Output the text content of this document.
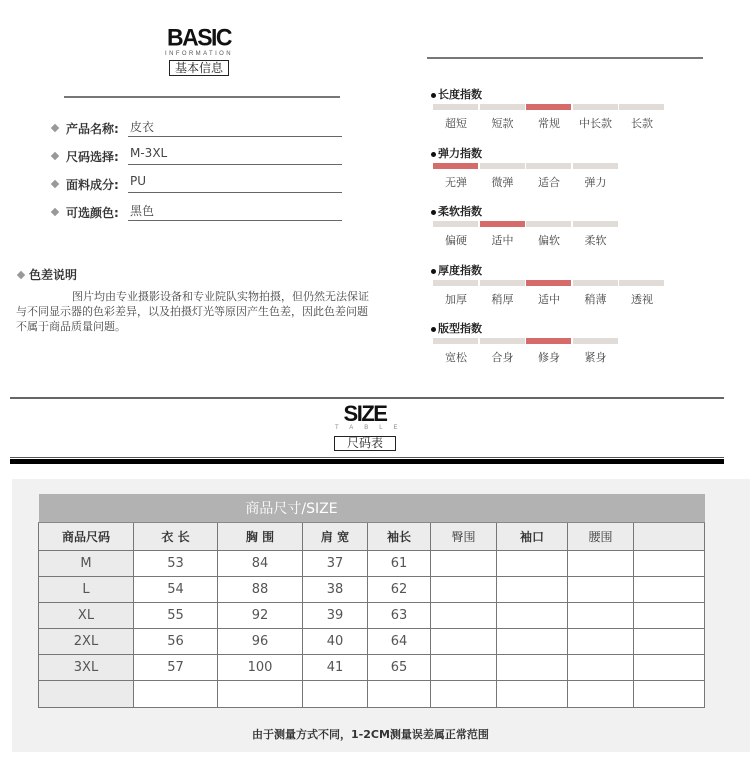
BASIC
INFORMATION
基本信息
产品名称: 皮衣
尺码选择: M-3XL
面料成分: PU
可选颜色: 黑色
色差说明
图片均由专业摄影设备和专业院队实物拍摄，但仍然无法保证
与不同显示器的色彩差异，以及拍摄灯光等原因产生色差，因此色差问题
不属于商品质量问题。
长度指数
超短	短款	常规	中长款	长款
弹力指数
无弹	微弹	适合	弹力
柔软指数
偏硬	适中	偏软	柔软
厚度指数
加厚	稍厚	适中	稍薄	透视
版型指数
宽松	合身	修身	紧身
SIZE
TABLE
尺码表
商品尺寸/SIZE								
商品尺码	衣 长	胸 围	肩 宽	袖长	臀围	袖口	腰围	
M	53	84	37	61				
L	54	88	38	62				
XL	55	92	39	63				
2XL	56	96	40	64				
3XL	57	100	41	65				

由于测量方式不同，1-2CM测量误差属正常范围
